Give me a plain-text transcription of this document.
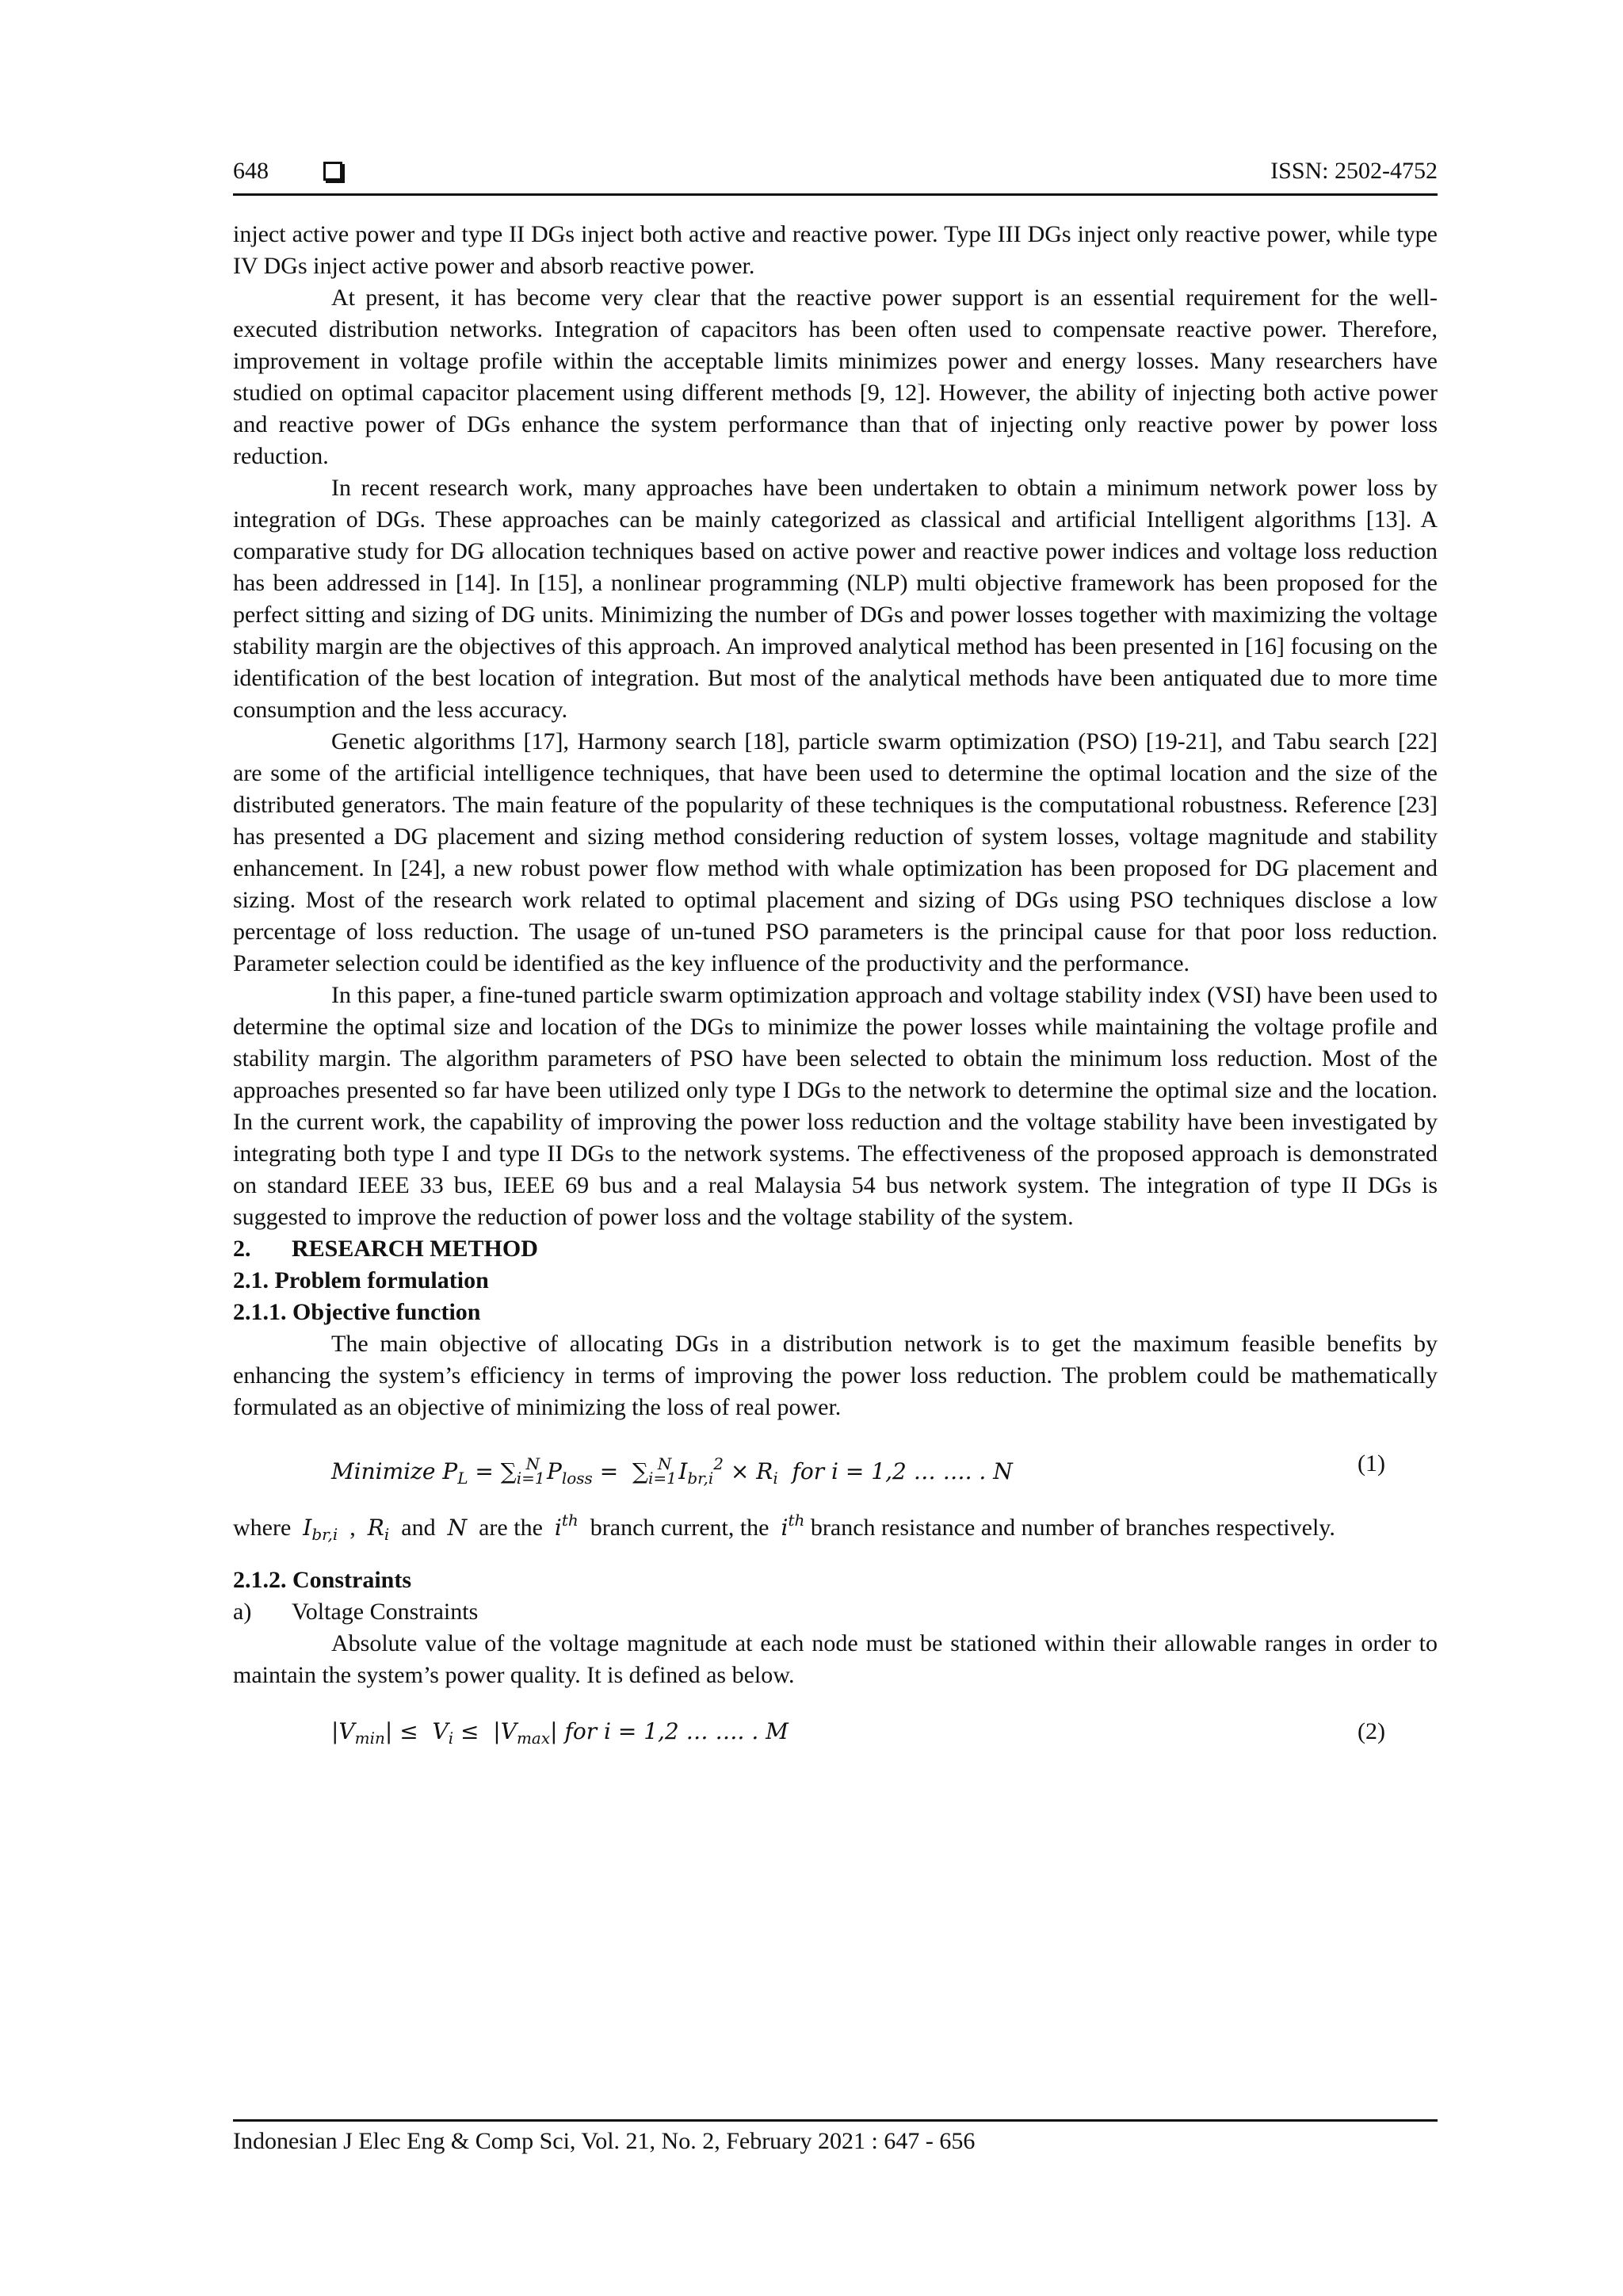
648	ISSN: 2502-4752

inject active power and type II DGs inject both active and reactive power. Type III DGs inject only reactive power, while type IV DGs inject active power and absorb reactive power.

At present, it has become very clear that the reactive power support is an essential requirement for the well-executed distribution networks. Integration of capacitors has been often used to compensate reactive power. Therefore, improvement in voltage profile within the acceptable limits minimizes power and energy losses. Many researchers have studied on optimal capacitor placement using different methods [9, 12]. However, the ability of injecting both active power and reactive power of DGs enhance the system performance than that of injecting only reactive power by power loss reduction.

In recent research work, many approaches have been undertaken to obtain a minimum network power loss by integration of DGs. These approaches can be mainly categorized as classical and artificial Intelligent algorithms [13]. A comparative study for DG allocation techniques based on active power and reactive power indices and voltage loss reduction has been addressed in [14]. In [15], a nonlinear programming (NLP) multi objective framework has been proposed for the perfect sitting and sizing of DG units. Minimizing the number of DGs and power losses together with maximizing the voltage stability margin are the objectives of this approach. An improved analytical method has been presented in [16] focusing on the identification of the best location of integration. But most of the analytical methods have been antiquated due to more time consumption and the less accuracy.

Genetic algorithms [17], Harmony search [18], particle swarm optimization (PSO) [19-21], and Tabu search [22] are some of the artificial intelligence techniques, that have been used to determine the optimal location and the size of the distributed generators. The main feature of the popularity of these techniques is the computational robustness. Reference [23] has presented a DG placement and sizing method considering reduction of system losses, voltage magnitude and stability enhancement. In [24], a new robust power flow method with whale optimization has been proposed for DG placement and sizing. Most of the research work related to optimal placement and sizing of DGs using PSO techniques disclose a low percentage of loss reduction. The usage of un-tuned PSO parameters is the principal cause for that poor loss reduction. Parameter selection could be identified as the key influence of the productivity and the performance.

In this paper, a fine-tuned particle swarm optimization approach and voltage stability index (VSI) have been used to determine the optimal size and location of the DGs to minimize the power losses while maintaining the voltage profile and stability margin. The algorithm parameters of PSO have been selected to obtain the minimum loss reduction. Most of the approaches presented so far have been utilized only type I DGs to the network to determine the optimal size and the location. In the current work, the capability of improving the power loss reduction and the voltage stability have been investigated by integrating both type I and type II DGs to the network systems. The effectiveness of the proposed approach is demonstrated on standard IEEE 33 bus, IEEE 69 bus and a real Malaysia 54 bus network system. The integration of type II DGs is suggested to improve the reduction of power loss and the voltage stability of the system.

2. RESEARCH METHOD

2.1. Problem formulation

2.1.1. Objective function

The main objective of allocating DGs in a distribution network is to get the maximum feasible benefits by enhancing the system’s efficiency in terms of improving the power loss reduction. The problem could be mathematically formulated as an objective of minimizing the loss of real power.

Minimize $P_L = \sum_{i=1}^N$ $P_{loss} = \sum_{i=1}^N$ $I_{br,i}^2 \times R_i$  for i = 1,2 … …. . N	(1)

where $I_{br,i}$ , $R_i$ and N are the $i^{th}$ branch current, the $i^{th}$ branch resistance and number of branches respectively.

2.1.2. Constraints

a) Voltage Constraints

Absolute value of the voltage magnitude at each node must be stationed within their allowable ranges in order to maintain the system’s power quality. It is defined as below.

$|V_{min}| \le V_i \le |V_{max}|$ for i = 1,2 … …. . M	(2)
Indonesian J Elec Eng & Comp Sci, Vol. 21, No. 2, February 2021 : 647 - 656
